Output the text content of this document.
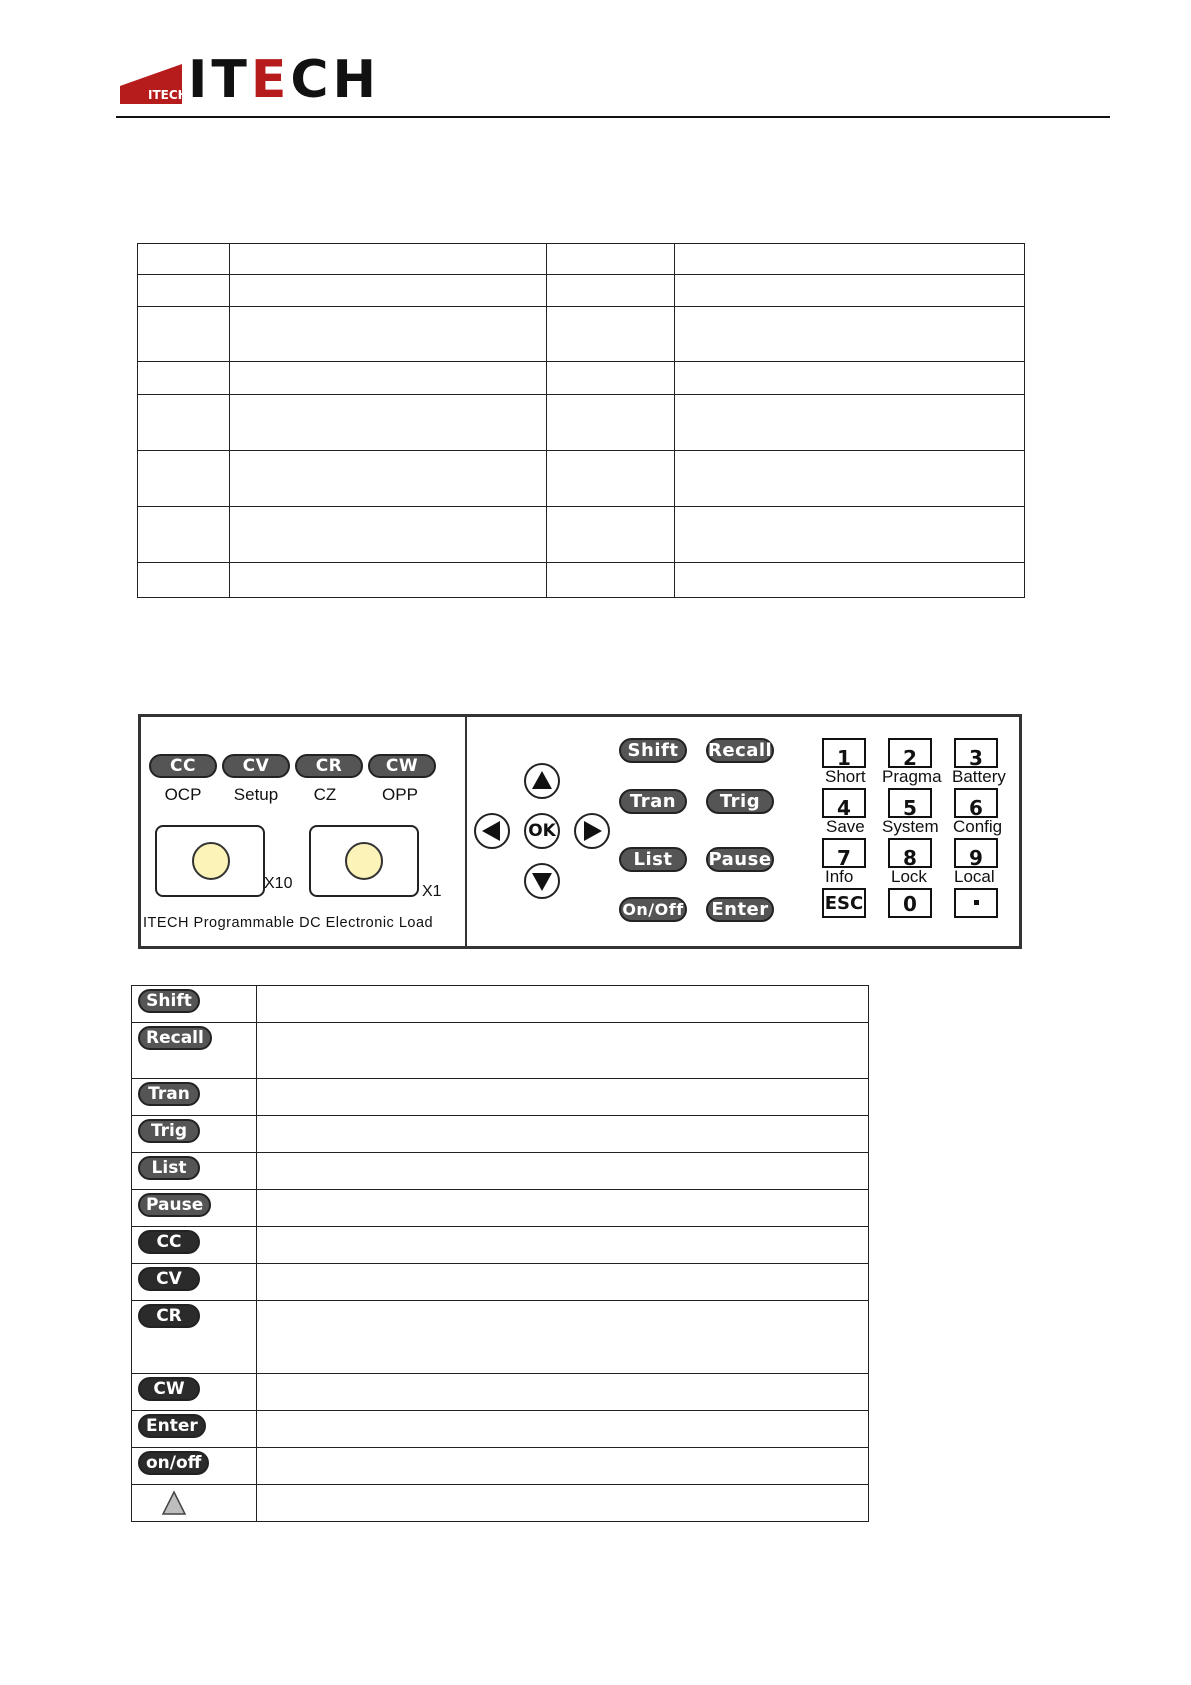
ITECH ITECH

CC	CV	CR	CW
OCP	Setup	CZ	OPP
X10	X1
ITECH Programmable DC Electronic Load
OK
Shift	Recall
Tran	Trig
List	Pause
On/Off Enter
1	2	3
Short Pragma Battery
4	5	6
Save System Config
7	8	9
Info Lock Local
ESC	0
Shift	
Recall	
Tran	
Trig	
List	
Pause	
CC	
CV	
CR	
CW	
Enter	
on/off	
